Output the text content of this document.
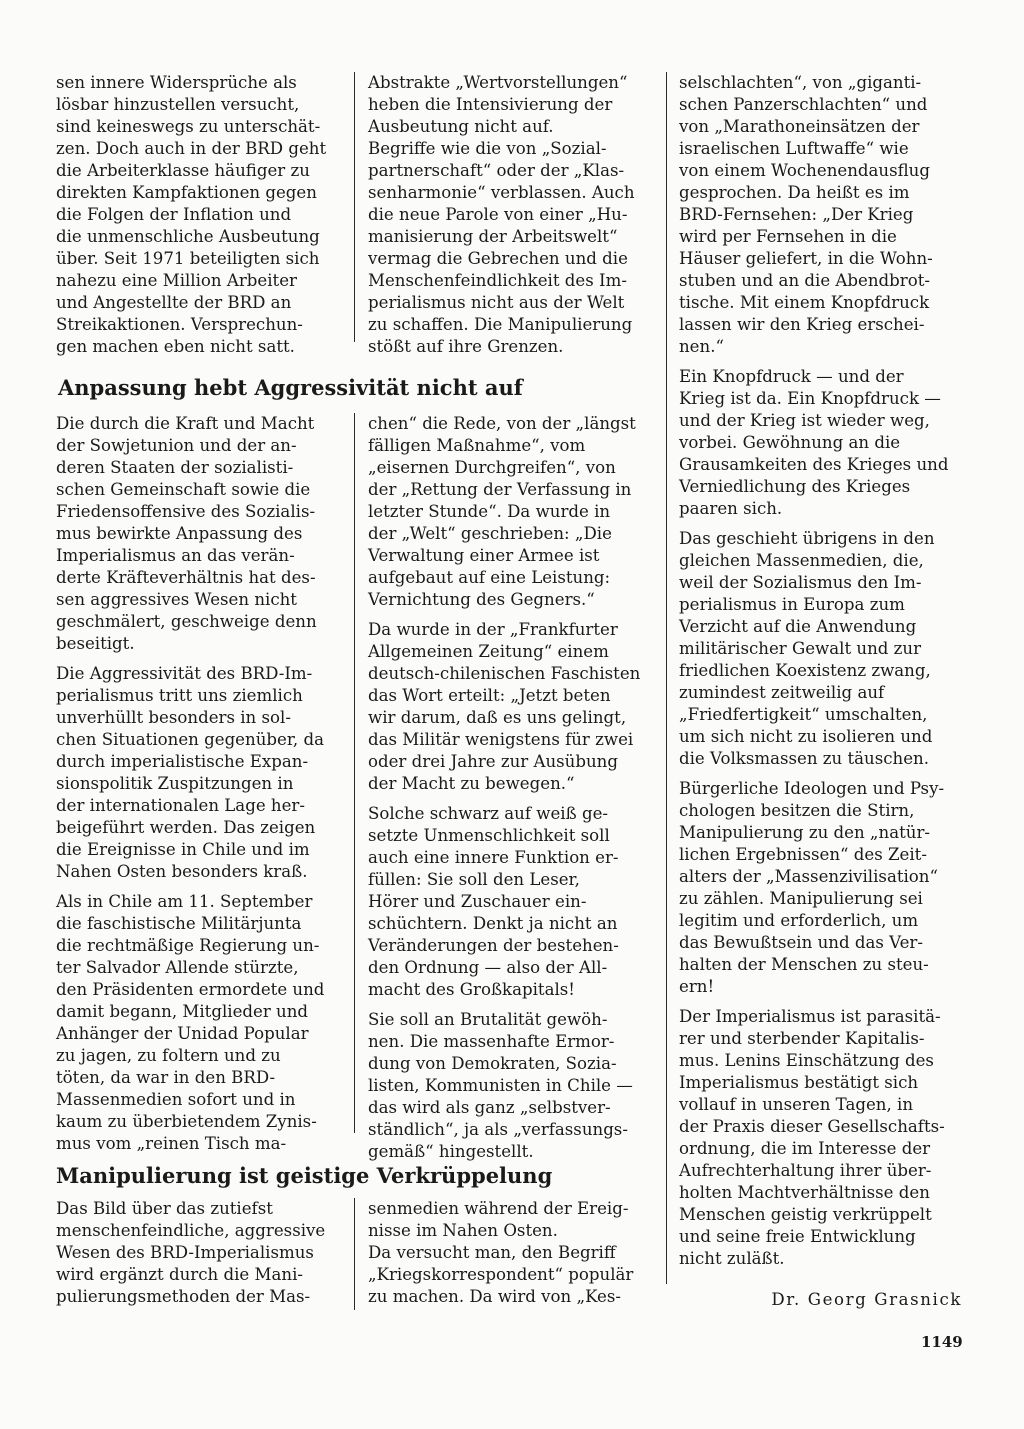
sen innere Widersprüche als
lösbar hinzustellen versucht,
sind keineswegs zu unterschät-
zen. Doch auch in der BRD geht
die Arbeiterklasse häufiger zu
direkten Kampfaktionen gegen
die Folgen der Inflation und
die unmenschliche Ausbeutung
über. Seit 1971 beteiligten sich
nahezu eine Million Arbeiter
und Angestellte der BRD an
Streikaktionen. Versprechun-
gen machen eben nicht satt.

Abstrakte „Wertvorstellungen“
heben die Intensivierung der
Ausbeutung nicht auf.
Begriffe wie die von „Sozial-
partnerschaft“ oder der „Klas-
senharmonie“ verblassen. Auch
die neue Parole von einer „Hu-
manisierung der Arbeitswelt“
vermag die Gebrechen und die
Menschenfeindlichkeit des Im-
perialismus nicht aus der Welt
zu schaffen. Die Manipulierung
stößt auf ihre Grenzen.

Anpassung hebt Aggressivität nicht auf

Die durch die Kraft und Macht
der Sowjetunion und der an-
deren Staaten der sozialisti-
schen Gemeinschaft sowie die
Friedensoffensive des Sozialis-
mus bewirkte Anpassung des
Imperialismus an das verän-
derte Kräfteverhältnis hat des-
sen aggressives Wesen nicht
geschmälert, geschweige denn
beseitigt.

Die Aggressivität des BRD-Im-
perialismus tritt uns ziemlich
unverhüllt besonders in sol-
chen Situationen gegenüber, da
durch imperialistische Expan-
sionspolitik Zuspitzungen in
der internationalen Lage her-
beigeführt werden. Das zeigen
die Ereignisse in Chile und im
Nahen Osten besonders kraß.

Als in Chile am 11. September
die faschistische Militärjunta
die rechtmäßige Regierung un-
ter Salvador Allende stürzte,
den Präsidenten ermordete und
damit begann, Mitglieder und
Anhänger der Unidad Popular
zu jagen, zu foltern und zu
töten, da war in den BRD-
Massenmedien sofort und in
kaum zu überbietendem Zynis-
mus vom „reinen Tisch ma-

chen“ die Rede, von der „längst
fälligen Maßnahme“, vom
„eisernen Durchgreifen“, von
der „Rettung der Verfassung in
letzter Stunde“. Da wurde in
der „Welt“ geschrieben: „Die
Verwaltung einer Armee ist
aufgebaut auf eine Leistung:
Vernichtung des Gegners.“

Da wurde in der „Frankfurter
Allgemeinen Zeitung“ einem
deutsch-chilenischen Faschisten
das Wort erteilt: „Jetzt beten
wir darum, daß es uns gelingt,
das Militär wenigstens für zwei
oder drei Jahre zur Ausübung
der Macht zu bewegen.“

Solche schwarz auf weiß ge-
setzte Unmenschlichkeit soll
auch eine innere Funktion er-
füllen: Sie soll den Leser,
Hörer und Zuschauer ein-
schüchtern. Denkt ja nicht an
Veränderungen der bestehen-
den Ordnung — also der All-
macht des Großkapitals!

Sie soll an Brutalität gewöh-
nen. Die massenhafte Ermor-
dung von Demokraten, Sozia-
listen, Kommunisten in Chile —
das wird als ganz „selbstver-
ständlich“, ja als „verfassungs-
gemäß“ hingestellt.

Manipulierung ist geistige Verkrüppelung

Das Bild über das zutiefst
menschenfeindliche, aggressive
Wesen des BRD-Imperialismus
wird ergänzt durch die Mani-
pulierungsmethoden der Mas-

senmedien während der Ereig-
nisse im Nahen Osten.
Da versucht man, den Begriff
„Kriegskorrespondent“ populär
zu machen. Da wird von „Kes-

selschlachten“, von „giganti-
schen Panzerschlachten“ und
von „Marathoneinsätzen der
israelischen Luftwaffe“ wie
von einem Wochenendausflug
gesprochen. Da heißt es im
BRD-Fernsehen: „Der Krieg
wird per Fernsehen in die
Häuser geliefert, in die Wohn-
stuben und an die Abendbrot-
tische. Mit einem Knopfdruck
lassen wir den Krieg erschei-
nen.“

Ein Knopfdruck — und der
Krieg ist da. Ein Knopfdruck —
und der Krieg ist wieder weg,
vorbei. Gewöhnung an die
Grausamkeiten des Krieges und
Verniedlichung des Krieges
paaren sich.

Das geschieht übrigens in den
gleichen Massenmedien, die,
weil der Sozialismus den Im-
perialismus in Europa zum
Verzicht auf die Anwendung
militärischer Gewalt und zur
friedlichen Koexistenz zwang,
zumindest zeitweilig auf
„Friedfertigkeit“ umschalten,
um sich nicht zu isolieren und
die Volksmassen zu täuschen.

Bürgerliche Ideologen und Psy-
chologen besitzen die Stirn,
Manipulierung zu den „natür-
lichen Ergebnissen“ des Zeit-
alters der „Massenzivilisation“
zu zählen. Manipulierung sei
legitim und erforderlich, um
das Bewußtsein und das Ver-
halten der Menschen zu steu-
ern!

Der Imperialismus ist parasitä-
rer und sterbender Kapitalis-
mus. Lenins Einschätzung des
Imperialismus bestätigt sich
vollauf in unseren Tagen, in
der Praxis dieser Gesellschafts-
ordnung, die im Interesse der
Aufrechterhaltung ihrer über-
holten Machtverhältnisse den
Menschen geistig verkrüppelt
und seine freie Entwicklung
nicht zuläßt.

Dr. Georg Grasnick
1149
